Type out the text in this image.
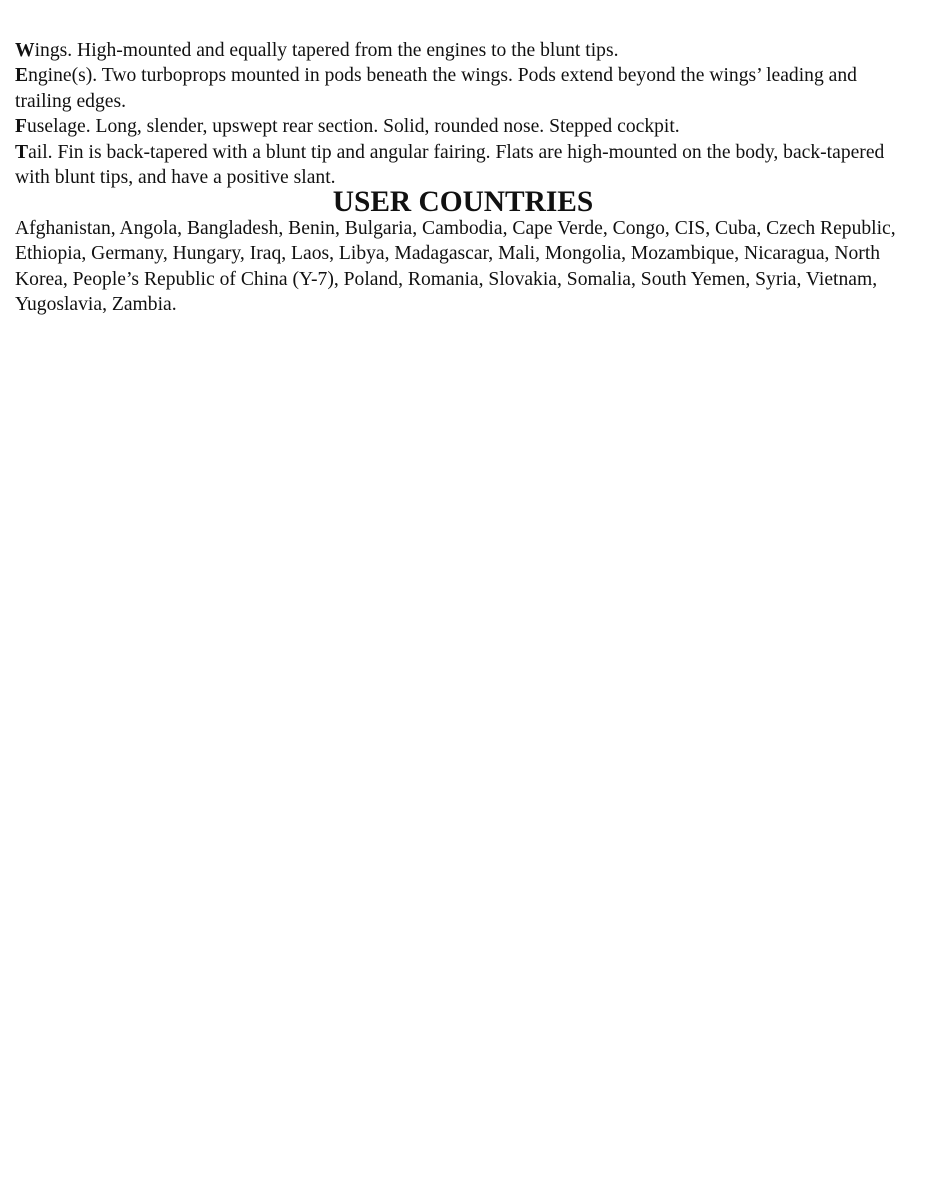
Wings. High-mounted and equally tapered from the engines to the blunt tips.

Engine(s). Two turboprops mounted in pods beneath the wings. Pods extend beyond the wings’ leading and trailing edges.

Fuselage. Long, slender, upswept rear section. Solid, rounded nose. Stepped cockpit.

Tail. Fin is back-tapered with a blunt tip and angular fairing. Flats are high-mounted on the body, back-tapered with blunt tips, and have a positive slant.

USER COUNTRIES

Afghanistan, Angola, Bangladesh, Benin, Bulgaria, Cambodia, Cape Verde, Congo, CIS, Cuba, Czech Republic, Ethiopia, Germany, Hungary, Iraq, Laos, Libya, Madagascar, Mali, Mongolia, Mozambique, Nicaragua, North Korea, People’s Republic of China (Y-7), Poland, Romania, Slovakia, Somalia, South Yemen, Syria, Vietnam, Yugoslavia, Zambia.
